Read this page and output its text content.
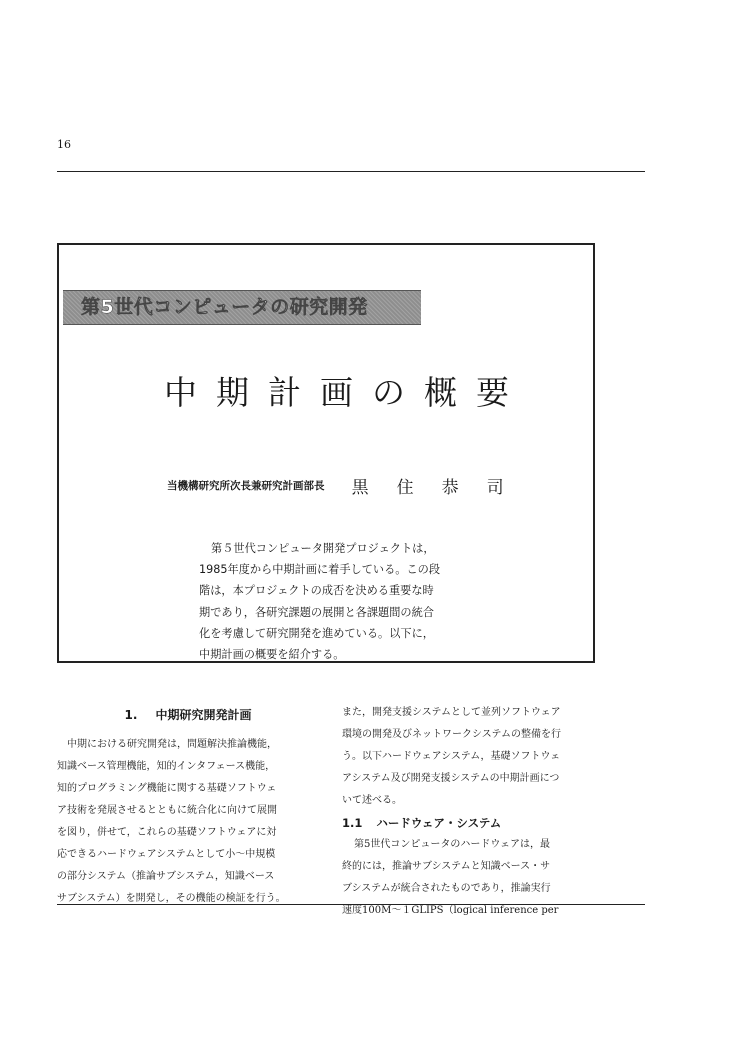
16
第5世代コンピュータの研究開発
中期計画の概要
当機構研究所次長兼研究計画部長 黒住恭司
第５世代コンピュータ開発プロジェクトは，
1985年度から中期計画に着手している。この段
階は，本プロジェクトの成否を決める重要な時
期であり，各研究課題の展開と各課題間の統合
化を考慮して研究開発を進めている。以下に，
中期計画の概要を紹介する。
1. 中期研究開発計画
中期における研究開発は，問題解決推論機能，
知識ベース管理機能，知的インタフェース機能，
知的プログラミング機能に関する基礎ソフトウェ
ア技術を発展させるとともに統合化に向けて展開
を図り，併せて，これらの基礎ソフトウェアに対
応できるハードウェアシステムとして小～中規模
の部分システム（推論サブシステム，知識ベース
サブシステム）を開発し，その機能の検証を行う。
また，開発支援システムとして並列ソフトウェア
環境の開発及びネットワークシステムの整備を行
う。以下ハードウェアシステム，基礎ソフトウェ
アシステム及び開発支援システムの中期計画につ
いて述べる。
1.1 ハードウェア・システム
第5世代コンピュータのハードウェアは，最
終的には，推論サブシステムと知識ベース・サ
ブシステムが統合されたものであり，推論実行
速度100M～１GLIPS（logical inference per
